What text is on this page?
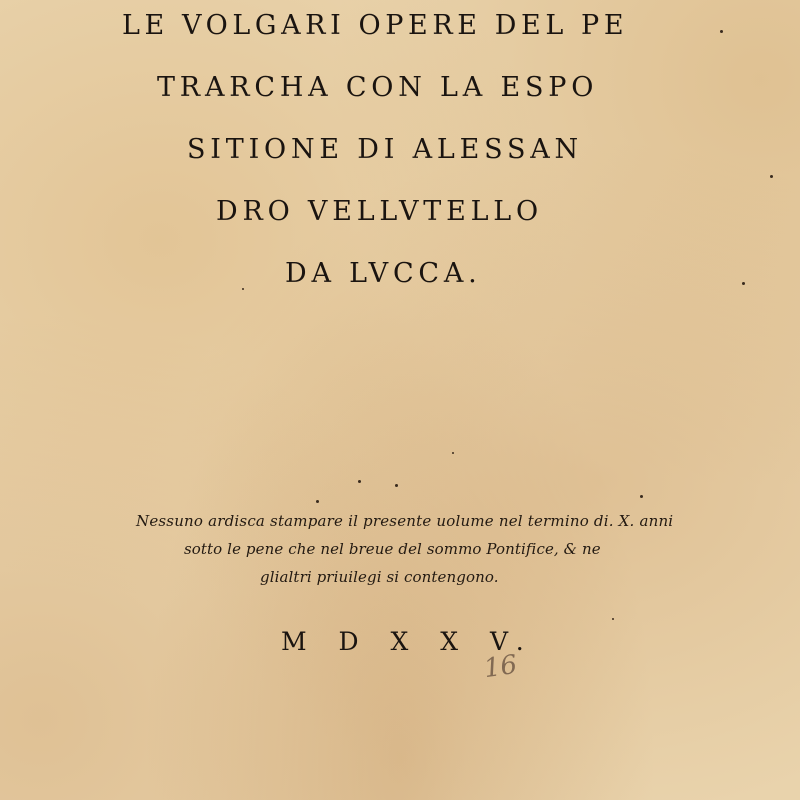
LE VOLGARI OPERE DEL PE
TRARCHA CON LA ESPO
SITIONE DI ALESSAN
DRO VELLVTELLO
DA LVCCA.
Nessuno ardisca stampare il presente uolume nel termino di. X. anni
sotto le pene che nel breue del sommo Pontifice, & ne
glialtri priuilegi si contengono.
M D X X V.
16
